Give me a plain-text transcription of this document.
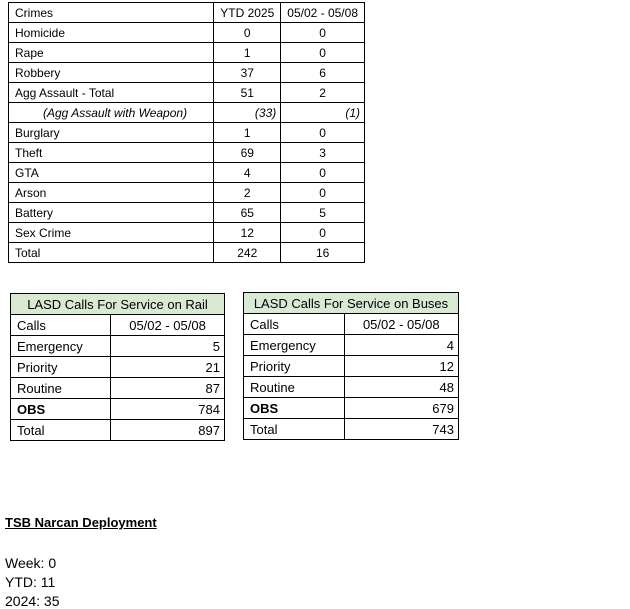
Crimes	YTD 2025	05/02 - 05/08
Homicide	0	0
Rape	1	0
Robbery	37	6
Agg Assault - Total	51	2
(Agg Assault with Weapon)	(33)	(1)
Burglary	1	0
Theft	69	3
GTA	4	0
Arson	2	0
Battery	65	5
Sex Crime	12	0
Total	242	16
LASD Calls For Service on Rail	
Calls	05/02 - 05/08
Emergency	5
Priority	21
Routine	87
OBS	784
Total	897
LASD Calls For Service on Buses	
Calls	05/02 - 05/08
Emergency	4
Priority	12
Routine	48
OBS	679
Total	743
TSB Narcan Deployment
Week: 0
YTD: 11
2024: 35
